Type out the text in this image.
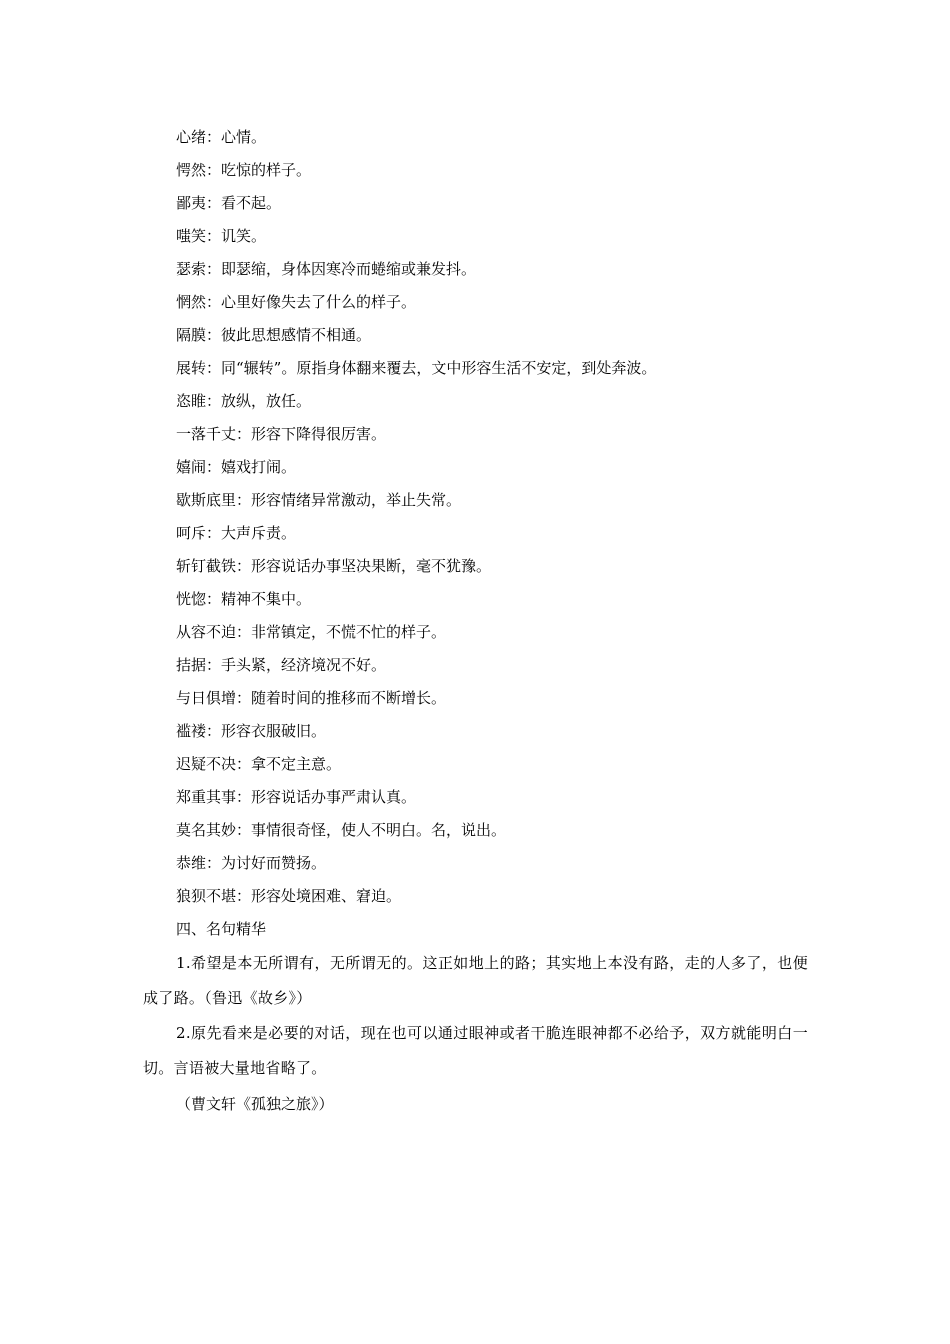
心绪：心情。
愕然：吃惊的样子。
鄙夷：看不起。
嗤笑：讥笑。
瑟索：即瑟缩，身体因寒冷而蜷缩或兼发抖。
惘然：心里好像失去了什么的样子。
隔膜：彼此思想感情不相通。
展转：同“辗转”。原指身体翻来覆去，文中形容生活不安定，到处奔波。
恣睢：放纵，放任。
一落千丈：形容下降得很厉害。
嬉闹：嬉戏打闹。
歇斯底里：形容情绪异常激动，举止失常。
呵斥：大声斥责。
斩钉截铁：形容说话办事坚决果断，毫不犹豫。
恍惚：精神不集中。
从容不迫：非常镇定，不慌不忙的样子。
拮据：手头紧，经济境况不好。
与日俱增：随着时间的推移而不断增长。
褴褛：形容衣服破旧。
迟疑不决：拿不定主意。
郑重其事：形容说话办事严肃认真。
莫名其妙：事情很奇怪，使人不明白。名，说出。
恭维：为讨好而赞扬。
狼狈不堪：形容处境困难、窘迫。
四、名句精华

1.希望是本无所谓有，无所谓无的。这正如地上的路；其实地上本没有路，走的人多了，也便成了路。（鲁迅《故乡》）

2.原先看来是必要的对话，现在也可以通过眼神或者干脆连眼神都不必给予，双方就能明白一切。言语被大量地省略了。

（曹文轩《孤独之旅》）
